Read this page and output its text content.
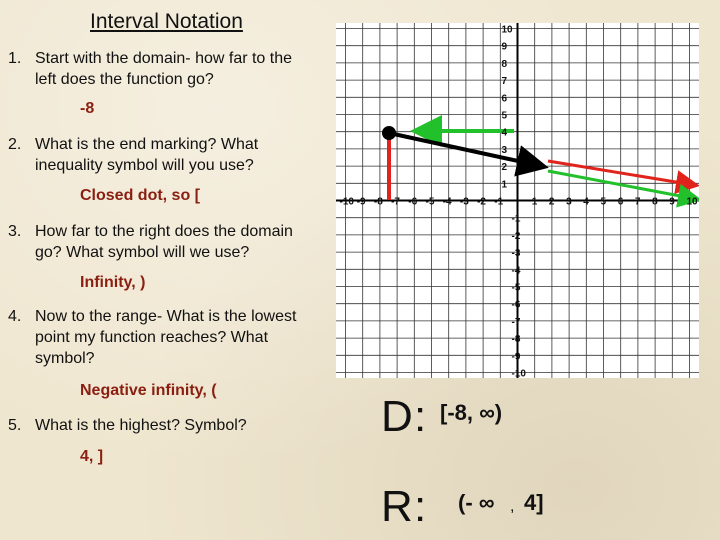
Interval Notation
1. Start with the domain- how far to the
left does the function go?
-8
2. What is the end marking? What
inequality symbol will you use?
Closed dot, so [
3. How far to the right does the domain
go? What symbol will we use?
Infinity, )
4. Now to the range- What is the lowest
point my function reaches? What
symbol?
Negative infinity, (
5. What is the highest? Symbol?
4, ]
-10 -9 -8 -7 -6 -5 -4 -3 -2 -1	1 2 3 4 5 6 7 8 9 10
10
9
8
7
6
5
4
3
2
1
-1
-2
-3
-4
-5
-6
-7
-8
-9
-10
D : [-8, ∞)
R : (- ∞ , 4]
